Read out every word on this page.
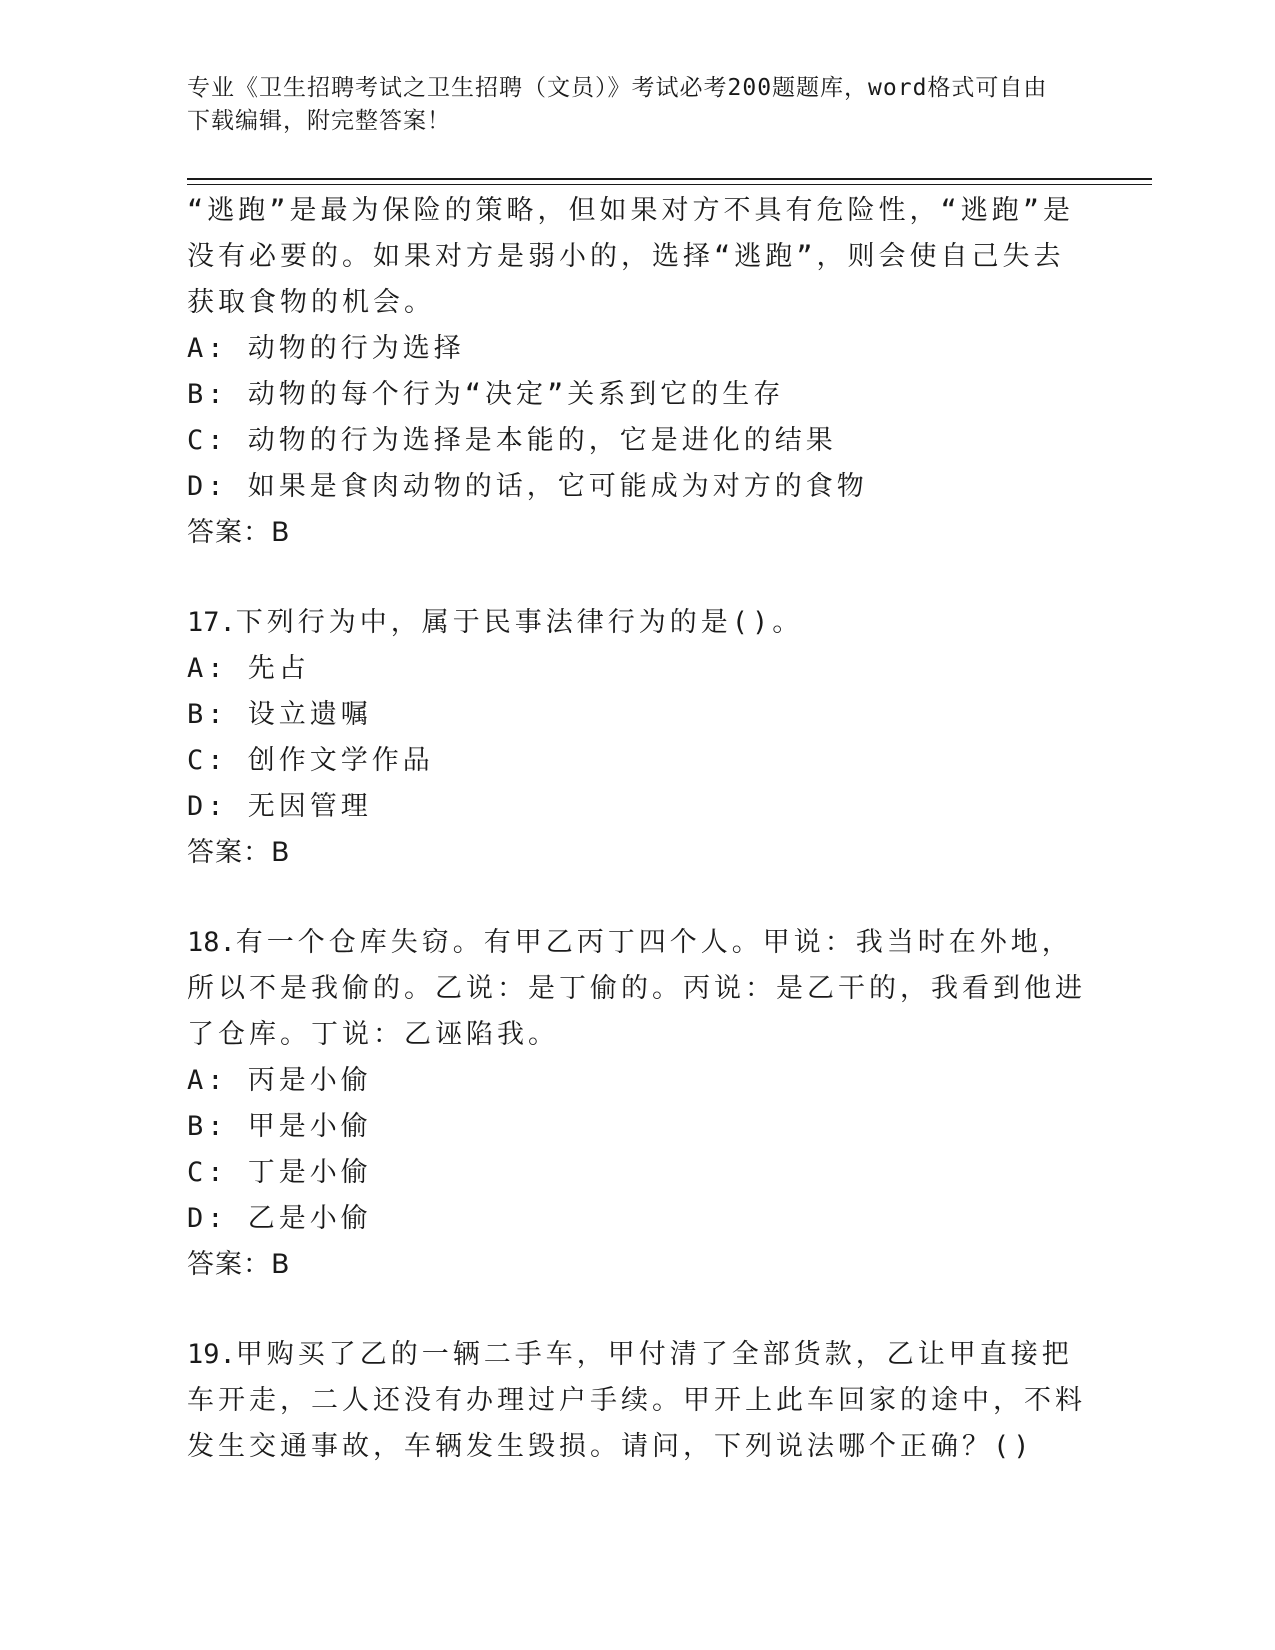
专业《卫生招聘考试之卫生招聘（文员）》考试必考200题题库，word格式可自由下载编辑，附完整答案！

“逃跑”是最为保险的策略，但如果对方不具有危险性，“逃跑”是没有必要的。如果对方是弱小的，选择“逃跑”，则会使自己失去获取食物的机会。

A: 动物的行为选择

B: 动物的每个行为“决定”关系到它的生存

C: 动物的行为选择是本能的，它是进化的结果

D: 如果是食肉动物的话，它可能成为对方的食物

答案：B

17.下列行为中，属于民事法律行为的是()。

A: 先占

B: 设立遗嘱

C: 创作文学作品

D: 无因管理

答案：B

18.有一个仓库失窃。有甲乙丙丁四个人。甲说：我当时在外地，所以不是我偷的。乙说：是丁偷的。丙说：是乙干的，我看到他进了仓库。丁说：乙诬陷我。

A: 丙是小偷

B: 甲是小偷

C: 丁是小偷

D: 乙是小偷

答案：B

19.甲购买了乙的一辆二手车，甲付清了全部货款，乙让甲直接把车开走，二人还没有办理过户手续。甲开上此车回家的途中，不料发生交通事故，车辆发生毁损。请问，下列说法哪个正确？()
